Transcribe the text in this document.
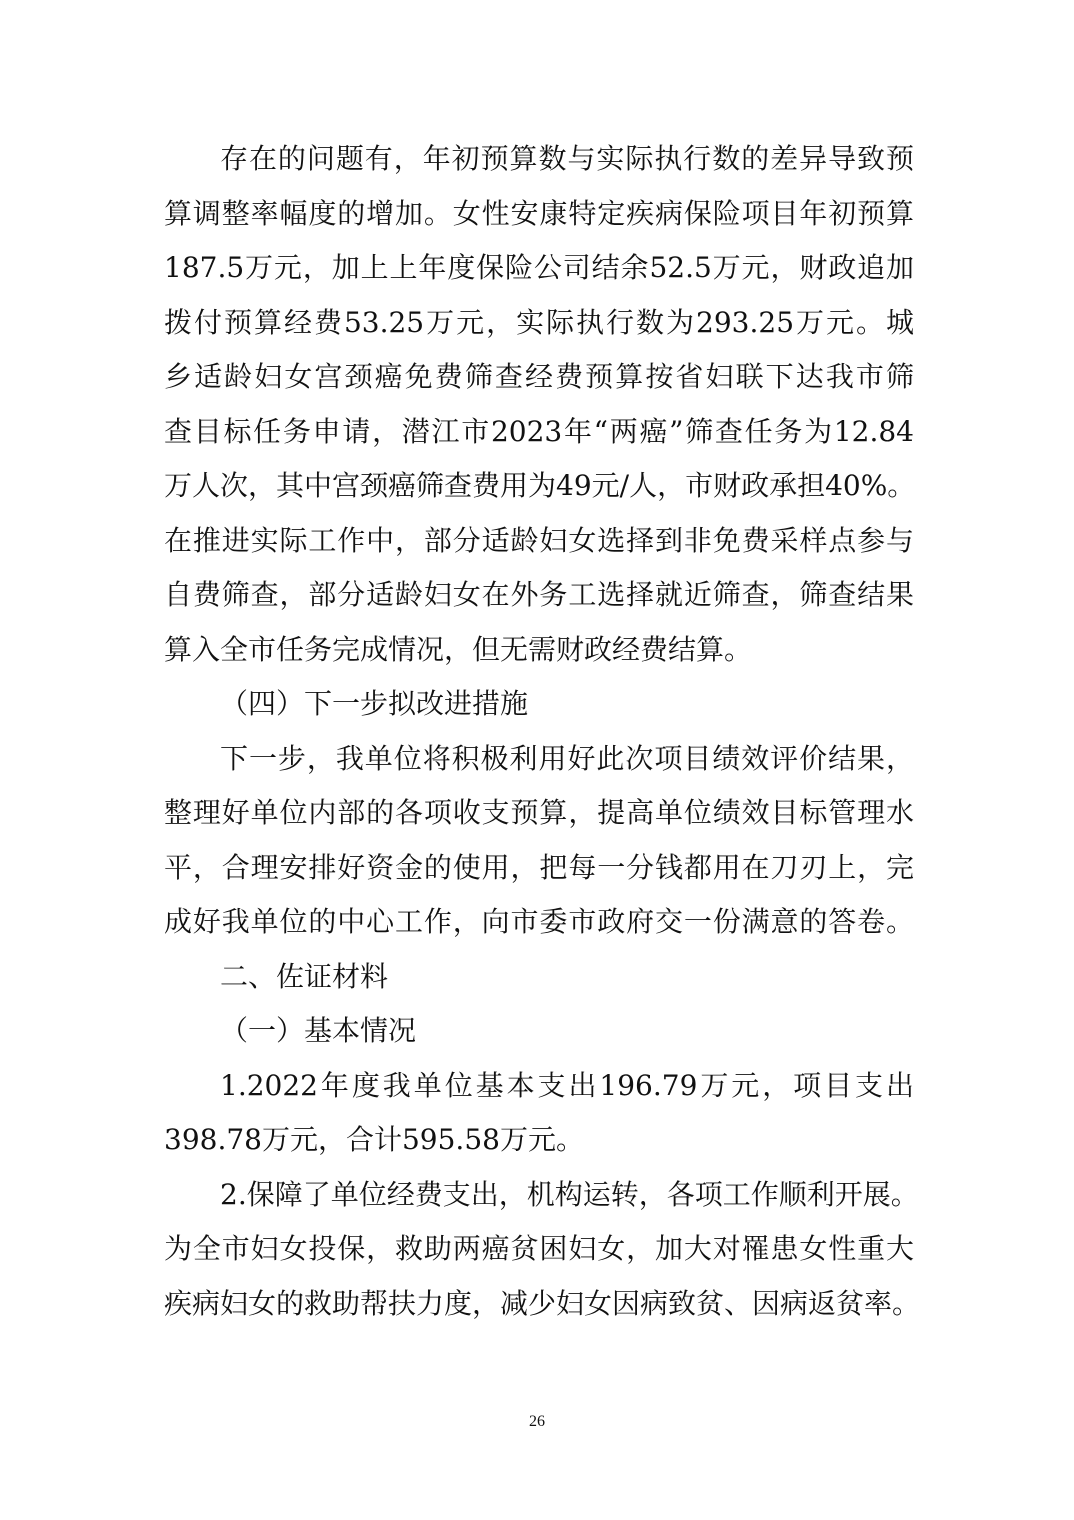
存在的问题有，年初预算数与实际执行数的差异导致预
算调整率幅度的增加。女性安康特定疾病保险项目年初预算
187.5万元，加上上年度保险公司结余52.5万元，财政追加
拨付预算经费53.25万元，实际执行数为293.25万元。城
乡适龄妇女宫颈癌免费筛查经费预算按省妇联下达我市筛
查目标任务申请，潜江市2023年“两癌”筛查任务为12.84
万人次，其中宫颈癌筛查费用为49元/人，市财政承担40%。
在推进实际工作中，部分适龄妇女选择到非免费采样点参与
自费筛查，部分适龄妇女在外务工选择就近筛查，筛查结果
算入全市任务完成情况，但无需财政经费结算。
（四）下一步拟改进措施
下一步，我单位将积极利用好此次项目绩效评价结果，
整理好单位内部的各项收支预算，提高单位绩效目标管理水
平，合理安排好资金的使用，把每一分钱都用在刀刃上，完
成好我单位的中心工作，向市委市政府交一份满意的答卷。
二、佐证材料
（一）基本情况
1.2022年度我单位基本支出196.79万元，项目支出
398.78万元，合计595.58万元。
2.保障了单位经费支出，机构运转，各项工作顺利开展。
为全市妇女投保，救助两癌贫困妇女，加大对罹患女性重大
疾病妇女的救助帮扶力度，减少妇女因病致贫、因病返贫率。
26
